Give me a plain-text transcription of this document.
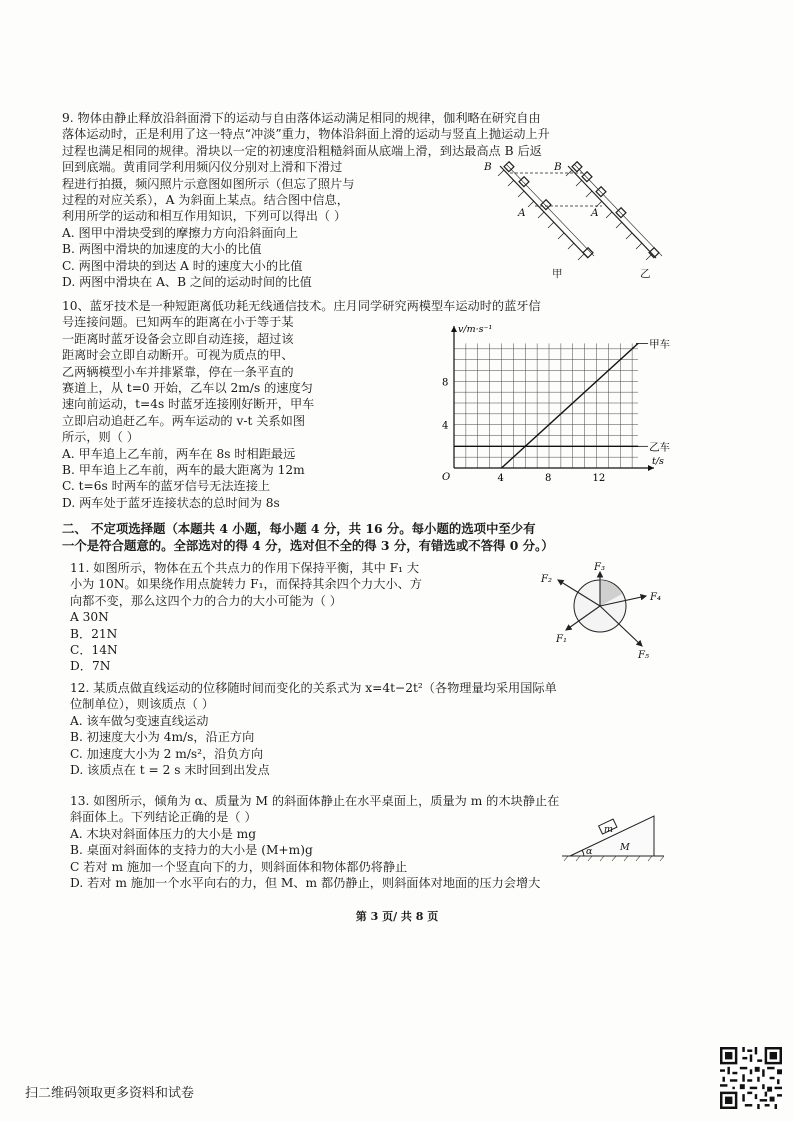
9. 物体由静止释放沿斜面滑下的运动与自由落体运动满足相同的规律，伽利略在研究自由
落体运动时，正是利用了这一特点“冲淡”重力，物体沿斜面上滑的运动与竖直上抛运动上升
过程也满足相同的规律。滑块以一定的初速度沿粗糙斜面从底端上滑，到达最高点 B 后返
回到底端。黄甫同学利用频闪仪分别对上滑和下滑过
程进行拍摄，频闪照片示意图如图所示（但忘了照片与
过程的对应关系），A 为斜面上某点。结合图中信息，
利用所学的运动和相互作用知识，下列可以得出（ ）
A. 图甲中滑块受到的摩擦力方向沿斜面向上
B. 两图中滑块的加速度的大小的比值
C. 两图中滑块的到达 A 时的速度大小的比值
D. 两图中滑块在 A、B 之间的运动时间的比值
B	B
A	A
甲	乙
10、蓝牙技术是一种短距离低功耗无线通信技术。庄月同学研究两模型车运动时的蓝牙信
号连接问题。已知两车的距离在小于等于某
一距离时蓝牙设备会立即自动连接，超过该
距离时会立即自动断开。可视为质点的甲、
乙两辆模型小车并排紧靠，停在一条平直的
赛道上，从 t=0 开始，乙车以 2m/s 的速度匀
速向前运动，t=4s 时蓝牙连接刚好断开，甲车
立即启动追赶乙车。两车运动的 v-t 关系如图
所示，则（ ）
A. 甲车追上乙车前，两车在 8s 时相距最远
B. 甲车追上乙车前，两车的最大距离为 12m
C. t=6s 时两车的蓝牙信号无法连接上
D. 两车处于蓝牙连接状态的总时间为 8s
4	8	12
4
8
O
t/s
v/m·s⁻¹
甲车
乙车
二、 不定项选择题（本题共 4 小题，每小题 4 分，共 16 分。每小题的选项中至少有
一个是符合题意的。全部选对的得 4 分，选对但不全的得 3 分，有错选或不答得 0 分。）
11. 如图所示，物体在五个共点力的作用下保持平衡，其中 F₁ 大
小为 10N。如果绕作用点旋转力 F₁，而保持其余四个力大小、方
向都不变，那么这四个力的合力的大小可能为（ ）
A 30N
B．21N
C．14N
D．7N
F₃
F₂
F₄
F₁
F₅
12. 某质点做直线运动的位移随时间而变化的关系式为 x=4t−2t²（各物理量均采用国际单
位制单位），则该质点（ ）
A. 该车做匀变速直线运动
B. 初速度大小为 4m/s，沿正方向
C. 加速度大小为 2 m/s²，沿负方向
D. 该质点在 t = 2 s 末时回到出发点
13. 如图所示，倾角为 α、质量为 M 的斜面体静止在水平桌面上，质量为 m 的木块静止在
斜面体上。下列结论正确的是（ ）
A. 木块对斜面体压力的大小是 mg
B. 桌面对斜面体的支持力的大小是 (M+m)g
C 若对 m 施加一个竖直向下的力，则斜面体和物体都仍将静止
D. 若对 m 施加一个水平向右的力，但 M、m 都仍静止，则斜面体对地面的压力会增大
m
M
α
第 3 页/ 共 8 页
扫二维码领取更多资料和试卷
